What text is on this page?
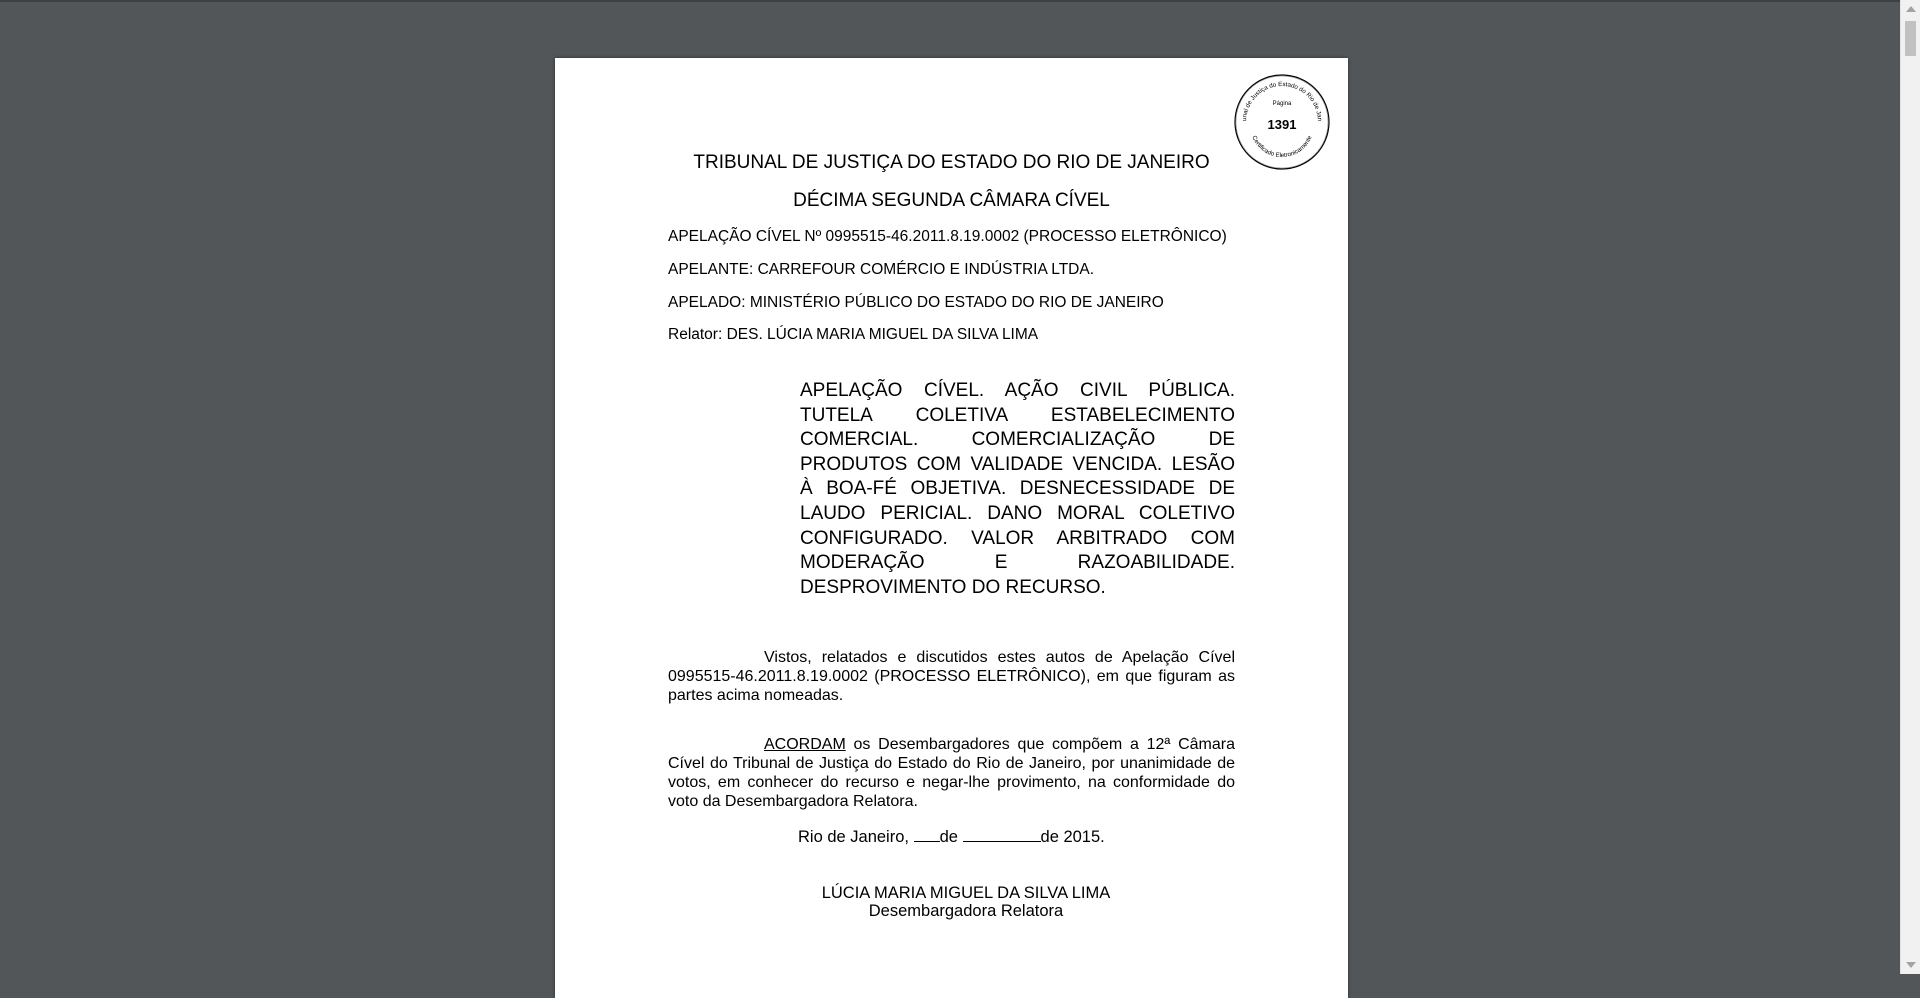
unal de Justiça do Estado do Rio de Jan
Certificado Eletronicamente
Página
1391
TRIBUNAL DE JUSTIÇA DO ESTADO DO RIO DE JANEIRO
DÉCIMA SEGUNDA CÂMARA CÍVEL
APELAÇÃO CÍVEL Nº 0995515-46.2011.8.19.0002 (PROCESSO ELETRÔNICO)
APELANTE: CARREFOUR COMÉRCIO E INDÚSTRIA LTDA.
APELADO: MINISTÉRIO PÚBLICO DO ESTADO DO RIO DE JANEIRO
Relator: DES. LÚCIA MARIA MIGUEL DA SILVA LIMA
APELAÇÃO CÍVEL. AÇÃO CIVIL PÚBLICA. TUTELA COLETIVA ESTABELECIMENTO COMERCIAL. COMERCIALIZAÇÃO DE PRODUTOS COM VALIDADE VENCIDA. LESÃO À BOA-FÉ OBJETIVA. DESNECESSIDADE DE LAUDO PERICIAL. DANO MORAL COLETIVO CONFIGURADO. VALOR ARBITRADO COM MODERAÇÃO E RAZOABILIDADE. DESPROVIMENTO DO RECURSO.
Vistos, relatados e discutidos estes autos de Apelação Cível 0995515-46.2011.8.19.0002 (PROCESSO ELETRÔNICO), em que figuram as partes acima nomeadas.
ACORDAM os Desembargadores que compõem a 12ª Câmara Cível do Tribunal de Justiça do Estado do Rio de Janeiro, por unanimidade de votos, em conhecer do recurso e negar-lhe provimento, na conformidade do voto da Desembargadora Relatora.
Rio de Janeiro, de	de 2015.
LÚCIA MARIA MIGUEL DA SILVA LIMA
Desembargadora Relatora
